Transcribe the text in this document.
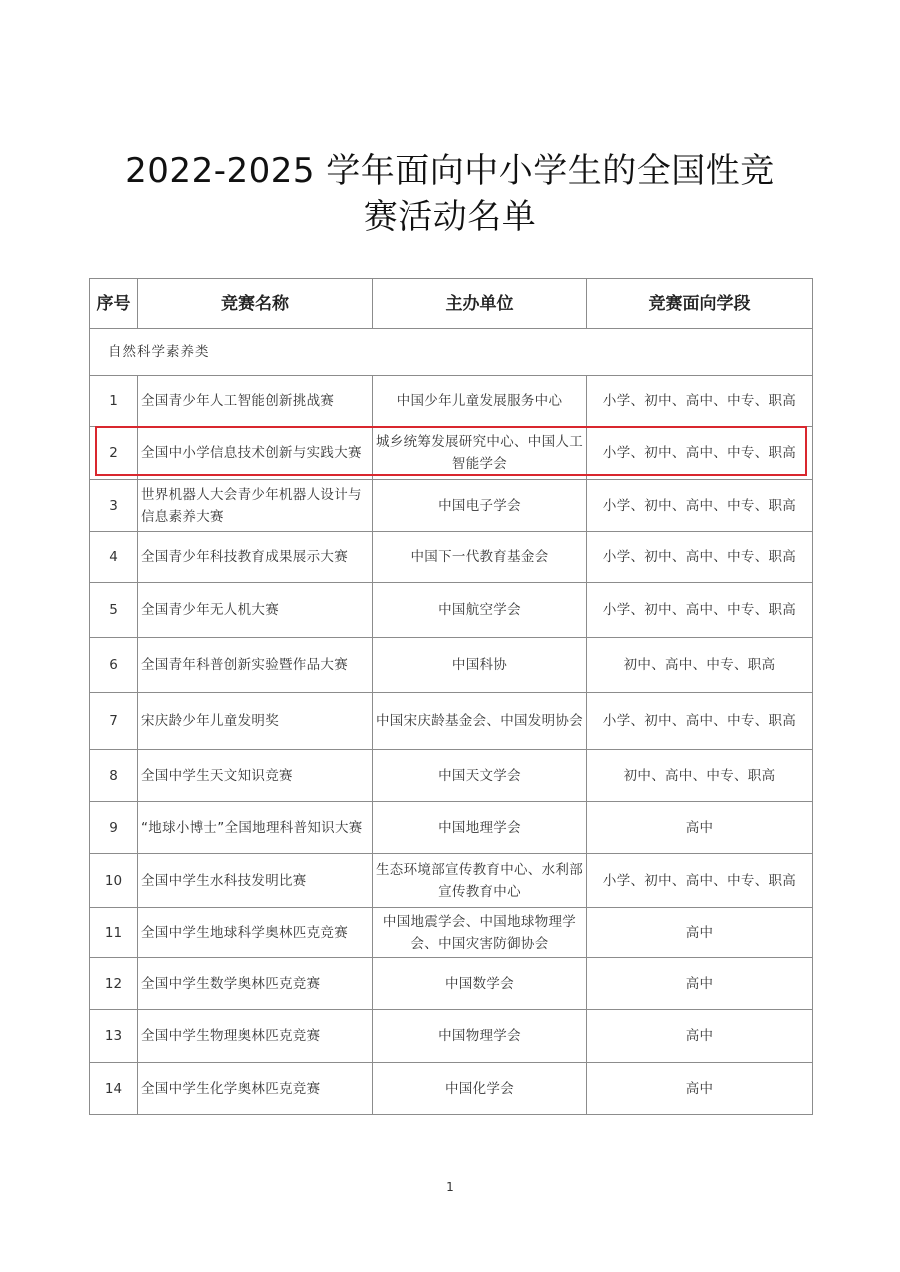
2022-2025 学年面向中小学生的全国性竞
赛活动名单
序号	竞赛名称	主办单位	竞赛面向学段
自然科学素养类			
1	全国青少年人工智能创新挑战赛	中国少年儿童发展服务中心	小学、初中、高中、中专、职高
2	全国中小学信息技术创新与实践大赛	城乡统筹发展研究中心、中国人工智能学会	小学、初中、高中、中专、职高
3	世界机器人大会青少年机器人设计与信息素养大赛	中国电子学会	小学、初中、高中、中专、职高
4	全国青少年科技教育成果展示大赛	中国下一代教育基金会	小学、初中、高中、中专、职高
5	全国青少年无人机大赛	中国航空学会	小学、初中、高中、中专、职高
6	全国青年科普创新实验暨作品大赛	中国科协	初中、高中、中专、职高
7	宋庆龄少年儿童发明奖	中国宋庆龄基金会、中国发明协会	小学、初中、高中、中专、职高
8	全国中学生天文知识竞赛	中国天文学会	初中、高中、中专、职高
9	“地球小博士”全国地理科普知识大赛	中国地理学会	高中
10	全国中学生水科技发明比赛	生态环境部宣传教育中心、水利部宣传教育中心	小学、初中、高中、中专、职高
11	全国中学生地球科学奥林匹克竞赛	中国地震学会、中国地球物理学会、中国灾害防御协会	高中
12	全国中学生数学奥林匹克竞赛	中国数学会	高中
13	全国中学生物理奥林匹克竞赛	中国物理学会	高中
14	全国中学生化学奥林匹克竞赛	中国化学会	高中
1
